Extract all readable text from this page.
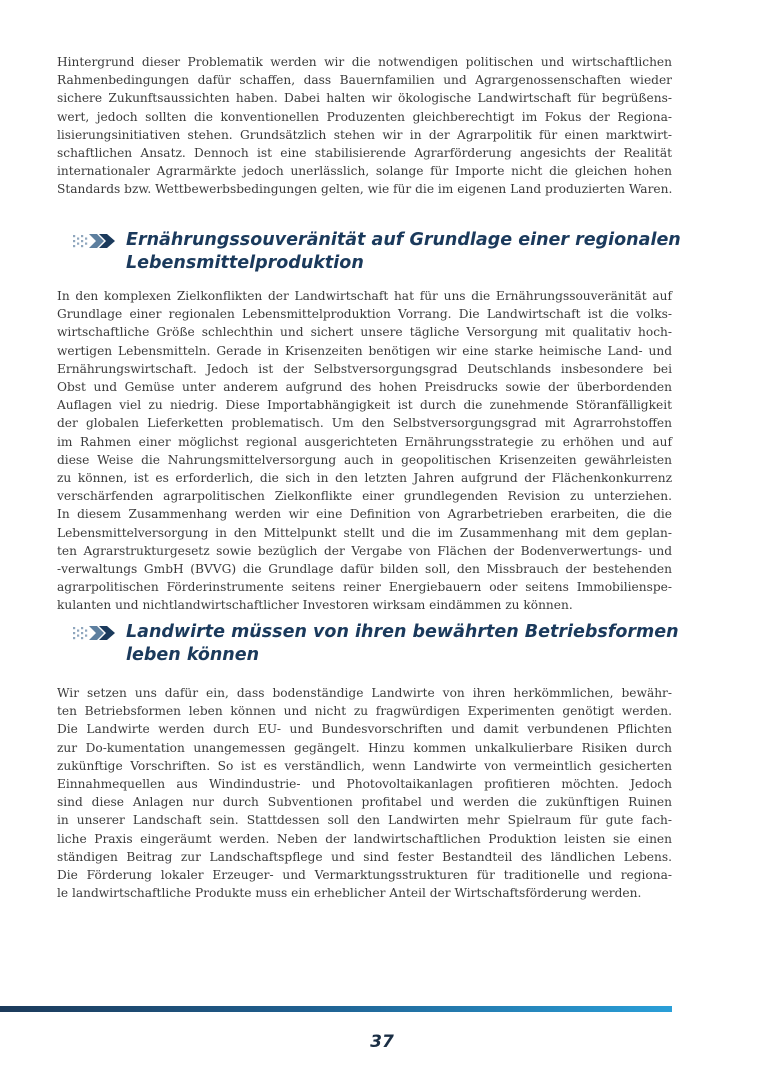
Hintergrund dieser Problematik werden wir die notwendigen politischen und wirtschaftlichen
Rahmenbedingungen dafür schaffen, dass Bauernfamilien und Agrargenossenschaften wieder
sichere Zukunftsaussichten haben. Dabei halten wir ökologische Landwirtschaft für begrüßens-
wert, jedoch sollten die konventionellen Produzenten gleichberechtigt im Fokus der Regiona-
lisierungsinitiativen stehen. Grundsätzlich stehen wir in der Agrarpolitik für einen marktwirt-
schaftlichen Ansatz. Dennoch ist eine stabilisierende Agrarförderung angesichts der Realität
internationaler Agrarmärkte jedoch unerlässlich, solange für Importe nicht die gleichen hohen
Standards bzw. Wettbewerbsbedingungen gelten, wie für die im eigenen Land produzierten Waren.
Ernährungssouveränität auf Grundlage einer regionalen
Lebensmittelproduktion
In den komplexen Zielkonflikten der Landwirtschaft hat für uns die Ernährungssouveränität auf
Grundlage einer regionalen Lebensmittelproduktion Vorrang. Die Landwirtschaft ist die volks-
wirtschaftliche Größe schlechthin und sichert unsere tägliche Versorgung mit qualitativ hoch-
wertigen Lebensmitteln. Gerade in Krisenzeiten benötigen wir eine starke heimische Land- und
Ernährungswirtschaft. Jedoch ist der Selbstversorgungsgrad Deutschlands insbesondere bei
Obst und Gemüse unter anderem aufgrund des hohen Preisdrucks sowie der überbordenden
Auflagen viel zu niedrig. Diese Importabhängigkeit ist durch die zunehmende Störanfälligkeit
der globalen Lieferketten problematisch. Um den Selbstversorgungsgrad mit Agrarrohstoffen
im Rahmen einer möglichst regional ausgerichteten Ernährungsstrategie zu erhöhen und auf
diese Weise die Nahrungsmittelversorgung auch in geopolitischen Krisenzeiten gewährleisten
zu können, ist es erforderlich, die sich in den letzten Jahren aufgrund der Flächenkonkurrenz
verschärfenden agrarpolitischen Zielkonflikte einer grundlegenden Revision zu unterziehen.
In diesem Zusammenhang werden wir eine Definition von Agrarbetrieben erarbeiten, die die
Lebensmittelversorgung in den Mittelpunkt stellt und die im Zusammenhang mit dem geplan-
ten Agrarstrukturgesetz sowie bezüglich der Vergabe von Flächen der Bodenverwertungs- und
-verwaltungs GmbH (BVVG) die Grundlage dafür bilden soll, den Missbrauch der bestehenden
agrarpolitischen Förderinstrumente seitens reiner Energiebauern oder seitens Immobilienspe-
kulanten und nichtlandwirtschaftlicher Investoren wirksam eindämmen zu können.
Landwirte müssen von ihren bewährten Betriebsformen
leben können
Wir setzen uns dafür ein, dass bodenständige Landwirte von ihren herkömmlichen, bewähr-
ten Betriebsformen leben können und nicht zu fragwürdigen Experimenten genötigt werden.
Die Landwirte werden durch EU- und Bundesvorschriften und damit verbundenen Pflichten
zur Do-kumentation unangemessen gegängelt. Hinzu kommen unkalkulierbare Risiken durch
zukünftige Vorschriften. So ist es verständlich, wenn Landwirte von vermeintlich gesicherten
Einnahmequellen aus Windindustrie- und Photovoltaikanlagen profitieren möchten. Jedoch
sind diese Anlagen nur durch Subventionen profitabel und werden die zukünftigen Ruinen
in unserer Landschaft sein. Stattdessen soll den Landwirten mehr Spielraum für gute fach-
liche Praxis eingeräumt werden. Neben der landwirtschaftlichen Produktion leisten sie einen
ständigen Beitrag zur Landschaftspflege und sind fester Bestandteil des ländlichen Lebens.
Die Förderung lokaler Erzeuger- und Vermarktungsstrukturen für traditionelle und regiona-
le landwirtschaftliche Produkte muss ein erheblicher Anteil der Wirtschaftsförderung werden.
37
